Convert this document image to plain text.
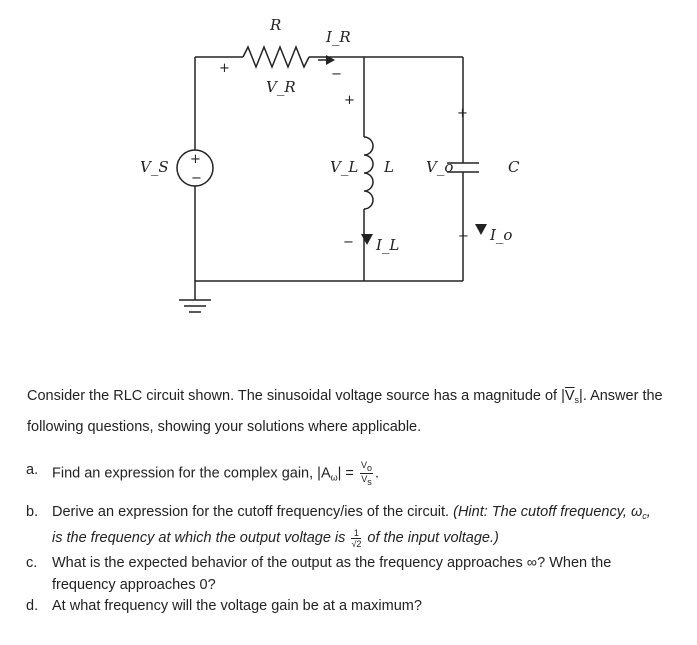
R
I_R
V_R
V_S	V_L L
I_L
V_o	C
I_o
+	−
+
−
+
−
+
−
Consider the RLC circuit shown. The sinusoidal voltage source has a magnitude of $|\overline{V}_s|$. Answer the following questions, showing your solutions where applicable.
a. Find an expression for the complex gain, $|A_\omega| = \frac{Vo}{Vs}$ .
b. Derive an expression for the cutoff frequency/ies of the circuit. (Hint: The cutoff frequency, $\omega_c$, is the frequency at which the output voltage is $\frac{1}{√2}$ of the input voltage.)
c. What is the expected behavior of the output as the frequency approaches ∞? When the frequency approaches 0?
d. At what frequency will the voltage gain be at a maximum?
